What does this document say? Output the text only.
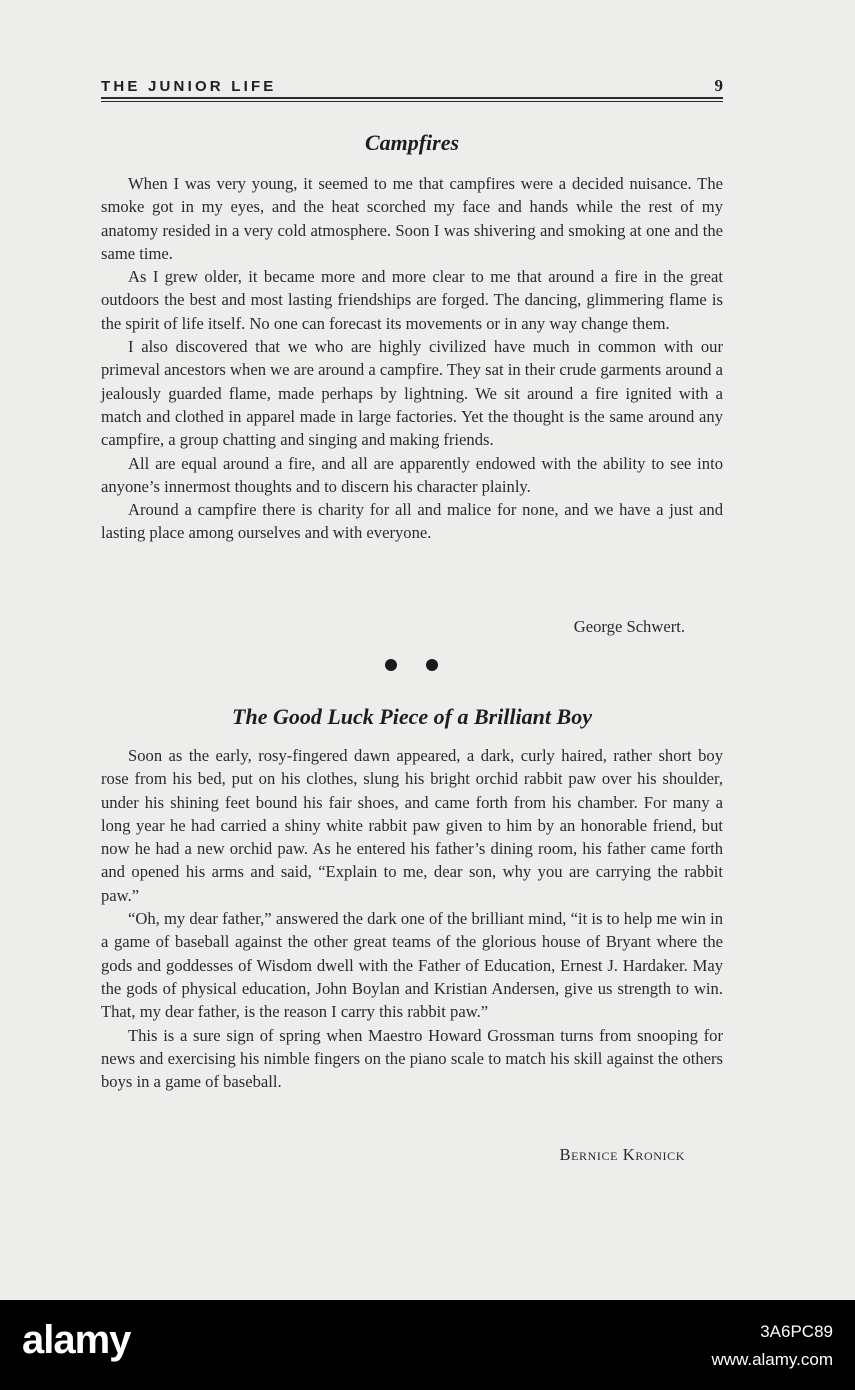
THE JUNIOR LIFE	9
Campfires

When I was very young, it seemed to me that campfires were a decided nuisance. The smoke got in my eyes, and the heat scorched my face and hands while the rest of my anatomy resided in a very cold atmosphere. Soon I was shivering and smoking at one and the same time.

As I grew older, it became more and more clear to me that around a fire in the great outdoors the best and most lasting friendships are forged. The dancing, glimmering flame is the spirit of life itself. No one can forecast its movements or in any way change them.

I also discovered that we who are highly civilized have much in common with our primeval ancestors when we are around a campfire. They sat in their crude garments around a jealously guarded flame, made perhaps by lightning. We sit around a fire ignited with a match and clothed in apparel made in large factories. Yet the thought is the same around any campfire, a group chatting and singing and making friends.

All are equal around a fire, and all are apparently endowed with the ability to see into anyone’s innermost thoughts and to discern his character plainly.

Around a campfire there is charity for all and malice for none, and we have a just and lasting place among ourselves and with everyone.

George Schwert.
The Good Luck Piece of a Brilliant Boy

Soon as the early, rosy-fingered dawn appeared, a dark, curly haired, rather short boy rose from his bed, put on his clothes, slung his bright orchid rabbit paw over his shoulder, under his shining feet bound his fair shoes, and came forth from his chamber. For many a long year he had carried a shiny white rabbit paw given to him by an honorable friend, but now he had a new orchid paw. As he entered his father’s dining room, his father came forth and opened his arms and said, “Explain to me, dear son, why you are carrying the rabbit paw.”

“Oh, my dear father,” answered the dark one of the brilliant mind, “it is to help me win in a game of baseball against the other great teams of the glorious house of Bryant where the gods and goddesses of Wisdom dwell with the Father of Education, Ernest J. Hardaker. May the gods of physical education, John Boylan and Kristian Andersen, give us strength to win. That, my dear father, is the reason I carry this rabbit paw.”

This is a sure sign of spring when Maestro Howard Grossman turns from snooping for news and exercising his nimble fingers on the piano scale to match his skill against the others boys in a game of baseball.

Bernice Kronick
alamy	3A6PC89
www.alamy.com
